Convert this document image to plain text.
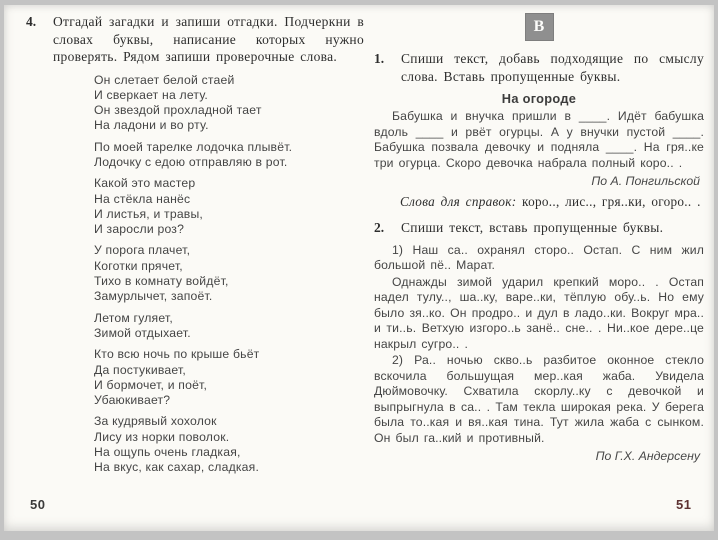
4.	Отгадай загадки и запиши отгадки. Подчеркни в словах буквы, написание которых нужно проверять. Рядом запиши проверочные слова.
Он слетает белой стаей
И сверкает на лету.
Он звездой прохладной тает
На ладони и во рту.
По моей тарелке лодочка плывёт.
Лодочку с едою отправляю в рот.
Какой это мастер
На стёкла нанёс
И листья, и травы,
И заросли роз?
У порога плачет,
Коготки прячет,
Тихо в комнату войдёт,
Замурлычет, запоёт.
Летом гуляет,
Зимой отдыхает.
Кто всю ночь по крыше бьёт
Да постукивает,
И бормочет, и поёт,
Убаюкивает?
За кудрявый хохолок
Лису из норки поволок.
На ощупь очень гладкая,
На вкус, как сахар, сладкая.
В
1.	Спиши текст, добавь подходящие по смыслу слова. Вставь пропущенные буквы.
На огороде

Бабушка и внучка пришли в ____. Идёт бабушка вдоль ____ и рвёт огурцы. А у внучки пустой ____. Бабушка позвала девочку и подняла ____. На гря..ке три огурца. Скоро девочка набрала полный коро.. .

По А. Понгильской
Слова для справок: коро.., лис.., гря..ки, огоро.. .
2.	Спиши текст, вставь пропущенные буквы.

1) Наш са.. охранял сторо.. Остап. С ним жил большой пё.. Марат.

Однажды зимой ударил крепкий моро.. . Остап надел тулу.., ша..ку, варе..ки, тёплую обу..ь. Но ему было зя..ко. Он продро.. и дул в ладо..ки. Вокруг мра.. и ти..ь. Ветхую изгоро..ь занё.. сне.. . Ни..кое дере..це накрыл сугро.. .

2) Ра.. ночью скво..ь разбитое оконное стекло вскочила большущая мер..кая жаба. Увидела Дюймовочку. Схватила скорлу..ку с девочкой и выпрыгнула в са.. . Там текла широкая река. У берега была то..кая и вя..кая тина. Тут жила жаба с сынком. Он был га..кий и противный.

По Г.Х. Андерсену
50	51
